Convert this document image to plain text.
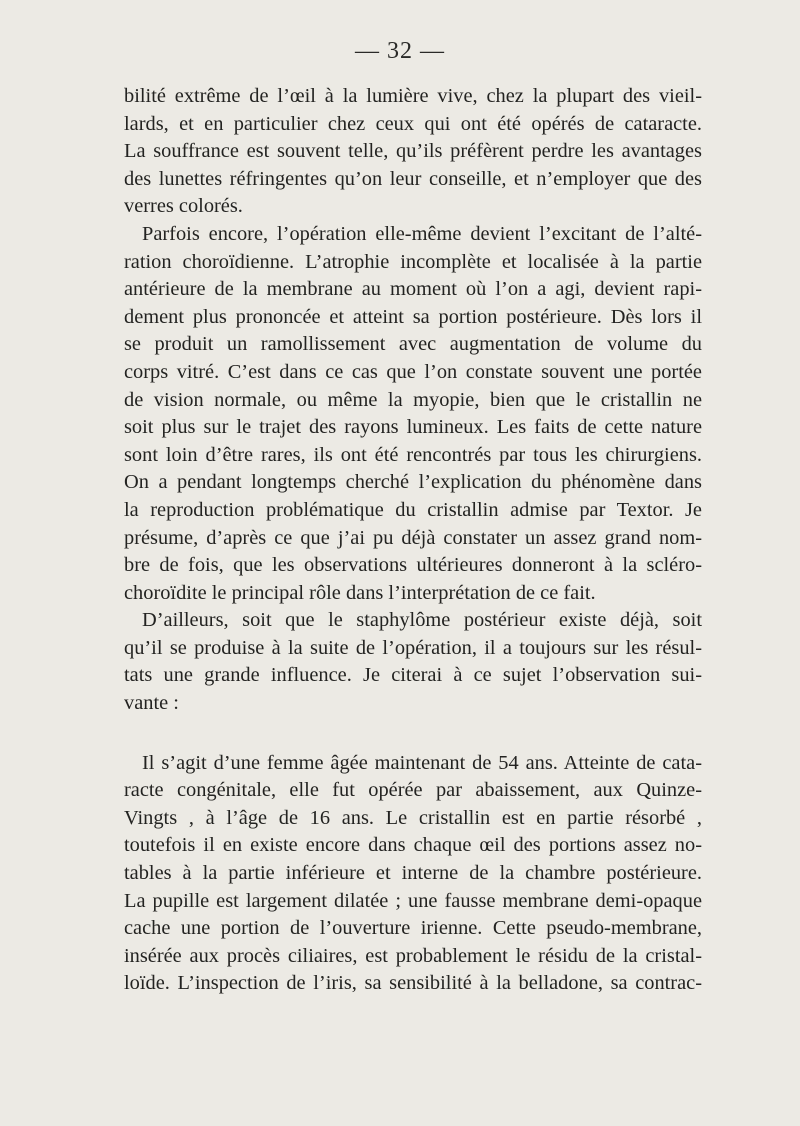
— 32 —
bilité extrême de l’œil à la lumière vive, chez la plupart des vieil-
lards, et en particulier chez ceux qui ont été opérés de cataracte.
La souffrance est souvent telle, qu’ils préfèrent perdre les avantages
des lunettes réfringentes qu’on leur conseille, et n’employer que des
verres colorés.
Parfois encore, l’opération elle-même devient l’excitant de l’alté-
ration choroïdienne. L’atrophie incomplète et localisée à la partie
antérieure de la membrane au moment où l’on a agi, devient rapi-
dement plus prononcée et atteint sa portion postérieure. Dès lors il
se produit un ramollissement avec augmentation de volume du
corps vitré. C’est dans ce cas que l’on constate souvent une portée
de vision normale, ou même la myopie, bien que le cristallin ne
soit plus sur le trajet des rayons lumineux. Les faits de cette nature
sont loin d’être rares, ils ont été rencontrés par tous les chirurgiens.
On a pendant longtemps cherché l’explication du phénomène dans
la reproduction problématique du cristallin admise par Textor. Je
présume, d’après ce que j’ai pu déjà constater un assez grand nom-
bre de fois, que les observations ultérieures donneront à la scléro-
choroïdite le principal rôle dans l’interprétation de ce fait.
D’ailleurs, soit que le staphylôme postérieur existe déjà, soit
qu’il se produise à la suite de l’opération, il a toujours sur les résul-
tats une grande influence. Je citerai à ce sujet l’observation sui-
vante :
Il s’agit d’une femme âgée maintenant de 54 ans. Atteinte de cata-
racte congénitale, elle fut opérée par abaissement, aux Quinze-
Vingts , à l’âge de 16 ans. Le cristallin est en partie résorbé ,
toutefois il en existe encore dans chaque œil des portions assez no-
tables à la partie inférieure et interne de la chambre postérieure.
La pupille est largement dilatée ; une fausse membrane demi-opaque
cache une portion de l’ouverture irienne. Cette pseudo-membrane,
insérée aux procès ciliaires, est probablement le résidu de la cristal-
loïde. L’inspection de l’iris, sa sensibilité à la belladone, sa contrac-
